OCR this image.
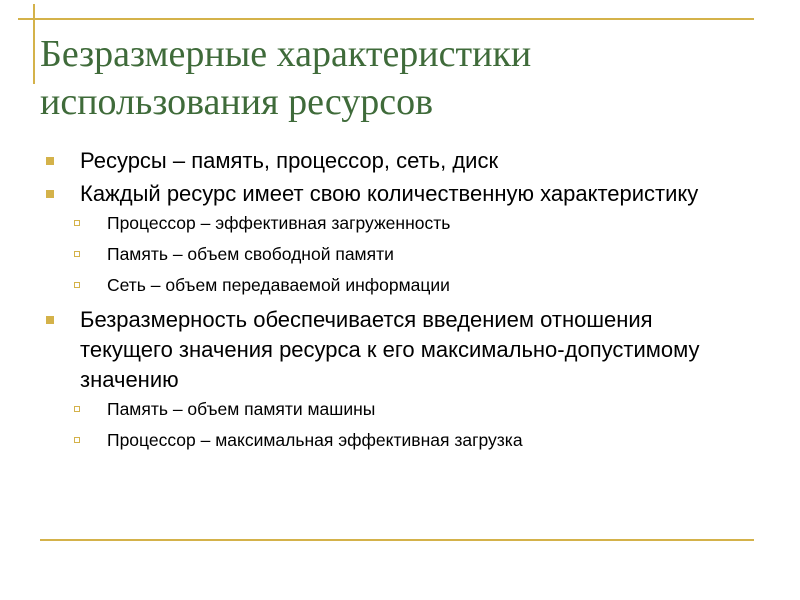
Безразмерные характеристики использования ресурсов
Ресурсы – память, процессор, сеть, диск
Каждый ресурс имеет свою количественную характеристику
Процессор – эффективная загруженность
Память – объем свободной памяти
Сеть – объем передаваемой информации
Безразмерность обеспечивается введением отношения текущего значения ресурса к его максимально-допустимому значению
Память – объем памяти машины
Процессор – максимальная эффективная загрузка
